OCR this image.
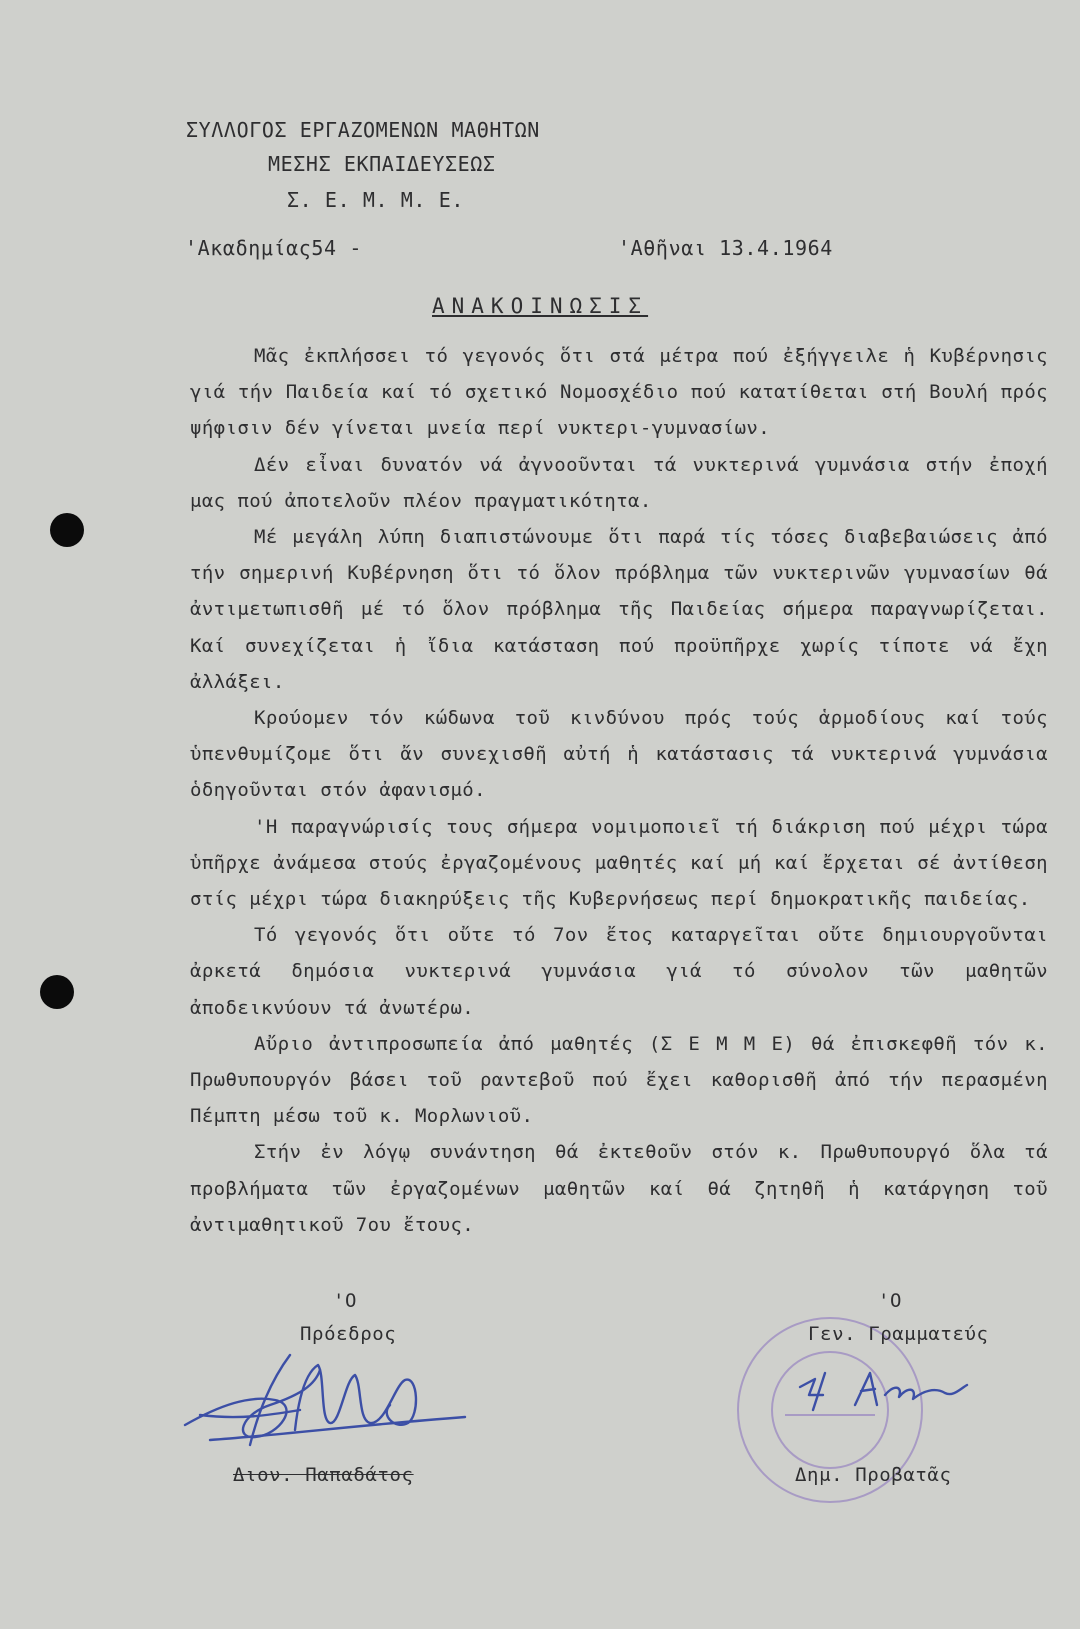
ΣΥΛΛΟΓΟΣ ΕΡΓΑΖΟΜΕΝΩΝ ΜΑΘΗΤΩΝ
ΜΕΣΗΣ ΕΚΠΑΙΔΕΥΣΕΩΣ
Σ. Ε. Μ. Μ. Ε.
'Ακαδημίας54 -	'Αθῆναι 13.4.1964
ΑΝΑΚΟΙΝΩΣΙΣ

Μᾶς ἐκπλήσσει τό γεγονός ὅτι στά μέτρα πού ἐξήγγειλε ἡ Κυβέρνησις γιά τήν Παιδεία καί τό σχετικό Νομοσχέδιο πού κατατίθεται στή Βουλή πρός ψήφισιν δέν γίνεται μνεία περί νυκτερι-γυμνασίων.

Δέν εἶναι δυνατόν νά ἀγνοοῦνται τά νυκτερινά γυμνάσια στήν ἐποχή μας πού ἀποτελοῦν πλέον πραγματικότητα.

Μέ μεγάλη λύπη διαπιστώνουμε ὅτι παρά τίς τόσες διαβεβαιώσεις ἀπό τήν σημερινή Κυβέρνηση ὅτι τό ὅλον πρόβλημα τῶν νυκτερινῶν γυμνασίων θά ἀντιμετωπισθῆ μέ τό ὅλον πρόβλημα τῆς Παιδείας σήμερα παραγνωρίζεται. Καί συνεχίζεται ἡ ἴδια κατάσταση πού προϋπῆρχε χωρίς τίποτε νά ἔχη ἀλλάξει.

Κρούομεν τόν κώδωνα τοῦ κινδύνου πρός τούς ἁρμοδίους καί τούς ὑπενθυμίζομε ὅτι ἄν συνεχισθῆ αὐτή ἡ κατάστασις τά νυκτερινά γυμνάσια ὁδηγοῦνται στόν ἀφανισμό.

'Η παραγνώρισίς τους σήμερα νομιμοποιεῖ τή διάκριση πού μέχρι τώρα ὑπῆρχε ἀνάμεσα στούς ἐργαζομένους μαθητές καί μή καί ἔρχεται σέ ἀντίθεση στίς μέχρι τώρα διακηρύξεις τῆς Κυβερνήσεως περί δημοκρατικῆς παιδείας.

Τό γεγονός ὅτι οὔτε τό 7ον ἔτος καταργεῖται οὔτε δημιουργοῦνται ἀρκετά δημόσια νυκτερινά γυμνάσια γιά τό σύνολον τῶν μαθητῶν ἀποδεικνύουν τά ἀνωτέρω.

Αὔριο ἀντιπροσωπεία ἀπό μαθητές (Σ Ε Μ Μ Ε) θά ἐπισκεφθῆ τόν κ. Πρωθυπουργόν βάσει τοῦ ραντεβοῦ πού ἔχει καθορισθῆ ἀπό τήν περασμένη Πέμπτη μέσω τοῦ κ. Μορλωνιοῦ.

Στήν ἐν λόγῳ συνάντηση θά ἐκτεθοῦν στόν κ. Πρωθυπουργό ὅλα τά προβλήματα τῶν ἐργαζομένων μαθητῶν καί θά ζητηθῆ ἡ κατάργηση τοῦ ἀντιμαθητικοῦ 7ου ἔτους.

'Ο
Πρόεδρος
Διον. Παπαδάτος
'Ο
Γεν. Γραμματεύς
Δημ. Προβατᾶς
